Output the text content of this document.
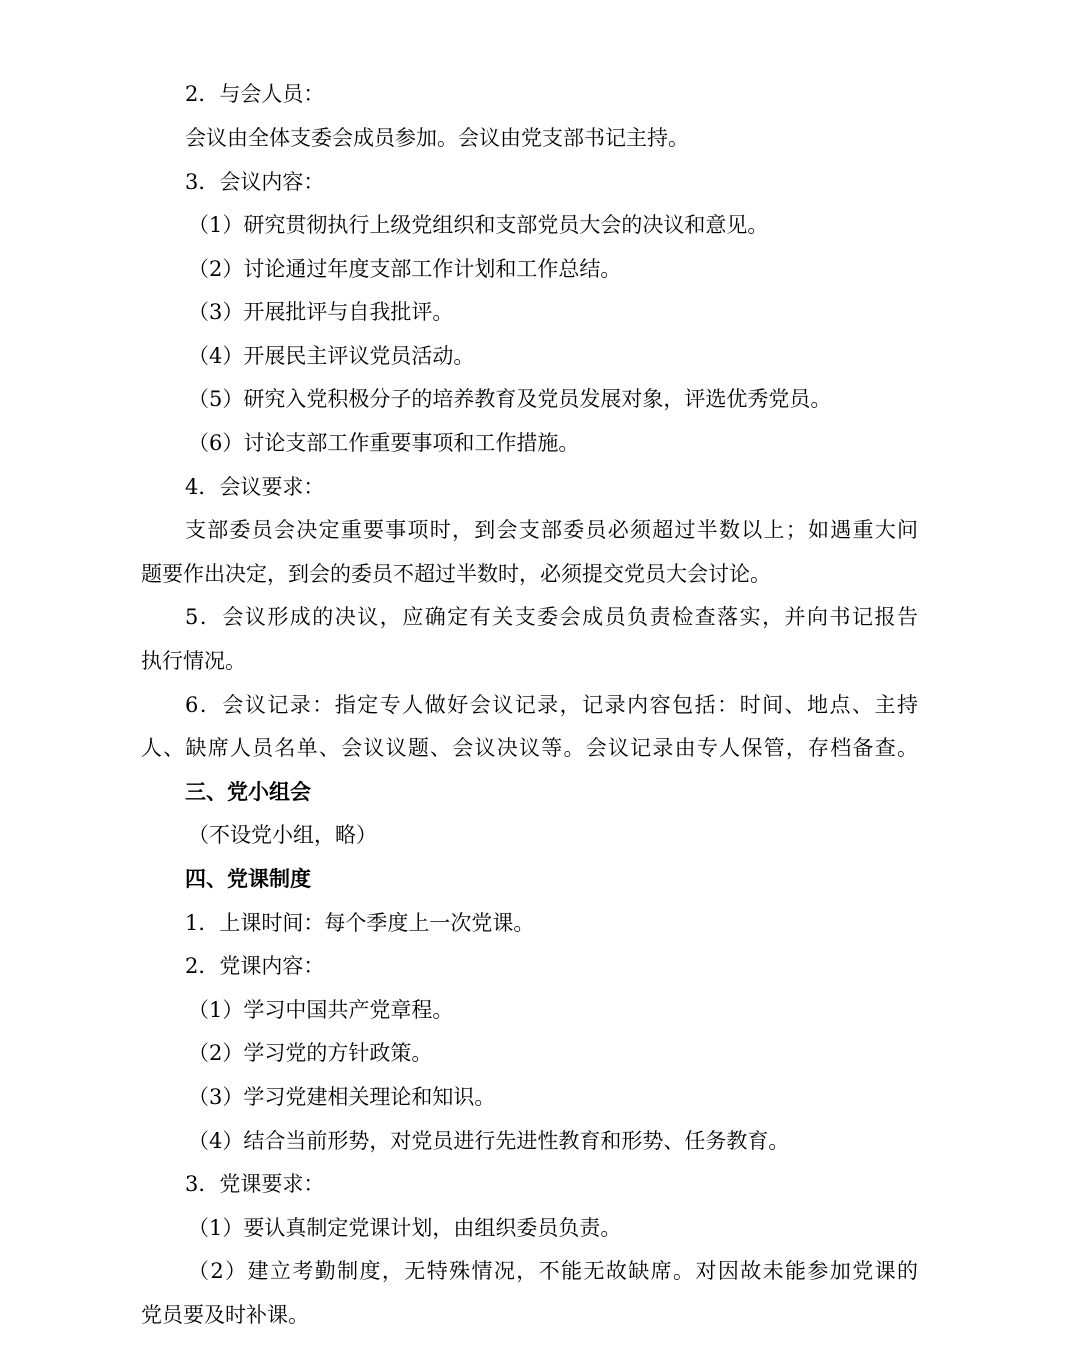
2．与会人员：
会议由全体支委会成员参加。会议由党支部书记主持。
3．会议内容：
（1）研究贯彻执行上级党组织和支部党员大会的决议和意见。
（2）讨论通过年度支部工作计划和工作总结。
（3）开展批评与自我批评。
（4）开展民主评议党员活动。
（5）研究入党积极分子的培养教育及党员发展对象，评选优秀党员。
（6）讨论支部工作重要事项和工作措施。
4．会议要求：
支部委员会决定重要事项时，到会支部委员必须超过半数以上；如遇重大问
题要作出决定，到会的委员不超过半数时，必须提交党员大会讨论。
5．会议形成的决议，应确定有关支委会成员负责检查落实，并向书记报告
执行情况。
6．会议记录：指定专人做好会议记录，记录内容包括：时间、地点、主持
人、缺席人员名单、会议议题、会议决议等。会议记录由专人保管，存档备查。
三、党小组会
（不设党小组，略）
四、党课制度
1．上课时间：每个季度上一次党课。
2．党课内容：
（1）学习中国共产党章程。
（2）学习党的方针政策。
（3）学习党建相关理论和知识。
（4）结合当前形势，对党员进行先进性教育和形势、任务教育。
3．党课要求：
（1）要认真制定党课计划，由组织委员负责。
（2）建立考勤制度，无特殊情况，不能无故缺席。对因故未能参加党课的
党员要及时补课。
